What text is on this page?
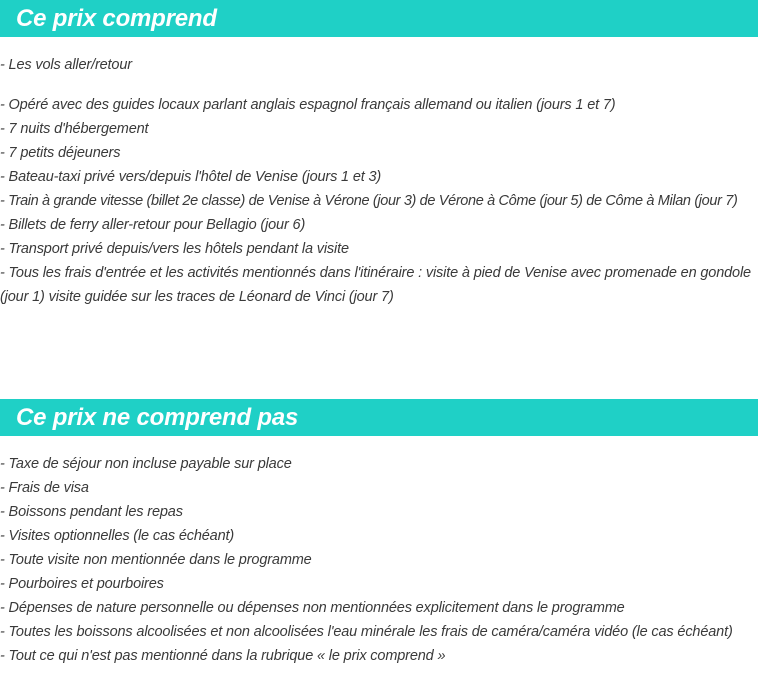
Ce prix comprend
- Les vols aller/retour
- Opéré avec des guides locaux parlant anglais espagnol français allemand ou italien (jours 1 et 7)
- 7 nuits d'hébergement
- 7 petits déjeuners
- Bateau-taxi privé vers/depuis l'hôtel de Venise (jours 1 et 3)
- Train à grande vitesse (billet 2e classe) de Venise à Vérone (jour 3) de Vérone à Côme (jour 5) de Côme à Milan (jour 7)
- Billets de ferry aller-retour pour Bellagio (jour 6)
- Transport privé depuis/vers les hôtels pendant la visite
- Tous les frais d'entrée et les activités mentionnés dans l'itinéraire : visite à pied de Venise avec promenade en gondole (jour 1) visite guidée sur les traces de Léonard de Vinci (jour 7)
Ce prix ne comprend pas
- Taxe de séjour non incluse payable sur place
- Frais de visa
- Boissons pendant les repas
- Visites optionnelles (le cas échéant)
- Toute visite non mentionnée dans le programme
- Pourboires et pourboires
- Dépenses de nature personnelle ou dépenses non mentionnées explicitement dans le programme
- Toutes les boissons alcoolisées et non alcoolisées l'eau minérale les frais de caméra/caméra vidéo (le cas échéant)
- Tout ce qui n'est pas mentionné dans la rubrique « le prix comprend »
